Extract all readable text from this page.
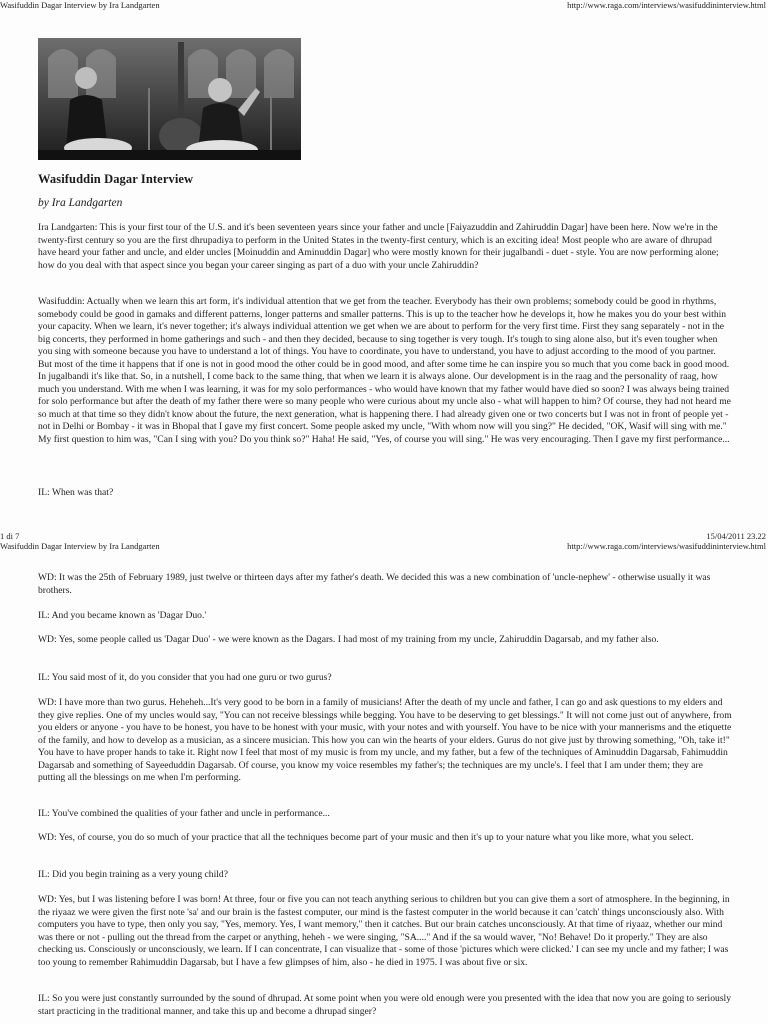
Wasifuddin Dagar Interview by Ira Landgarten	http://www.raga.com/interviews/wasifuddininterview.html
Wasifuddin Dagar Interview

by Ira Landgarten

Ira Landgarten: This is your first tour of the U.S. and it's been seventeen years since your father and uncle [Faiyazuddin and Zahiruddin Dagar] have been here. Now we're in the twenty-first century so you are the first dhrupadiya to perform in the United States in the twenty-first century, which is an exciting idea! Most people who are aware of dhrupad have heard your father and uncle, and elder uncles [Moinuddin and Aminuddin Dagar] who were mostly known for their jugalbandi - duet - style. You are now performing alone; how do you deal with that aspect since you began your career singing as part of a duo with your uncle Zahiruddin?

Wasifuddin: Actually when we learn this art form, it's individual attention that we get from the teacher. Everybody has their own problems; somebody could be good in rhythms, somebody could be good in gamaks and different patterns, longer patterns and smaller patterns. This is up to the teacher how he develops it, how he makes you do your best within your capacity. When we learn, it's never together; it's always individual attention we get when we are about to perform for the very first time. First they sang separately - not in the big concerts, they performed in home gatherings and such - and then they decided, because to sing together is very tough. It's tough to sing alone also, but it's even tougher when you sing with someone because you have to understand a lot of things. You have to coordinate, you have to understand, you have to adjust according to the mood of you partner. But most of the time it happens that if one is not in good mood the other could be in good mood, and after some time he can inspire you so much that you come back in good mood. In jugalbandi it's like that. So, in a nutshell, I come back to the same thing, that when we learn it is always alone. Our development is in the raag and the personality of raag, how much you understand. With me when I was learning, it was for my solo performances - who would have known that my father would have died so soon? I was always being trained for solo performance but after the death of my father there were so many people who were curious about my uncle also - what will happen to him? Of course, they had not heard me so much at that time so they didn't know about the future, the next generation, what is happening there. I had already given one or two concerts but I was not in front of people yet - not in Delhi or Bombay - it was in Bhopal that I gave my first concert. Some people asked my uncle, "With whom now will you sing?" He decided, "OK, Wasif will sing with me." My first question to him was, "Can I sing with you? Do you think so?" Haha! He said, "Yes, of course you will sing." He was very encouraging. Then I gave my first performance...

IL: When was that?

1 di 7	15/04/2011 23.22
Wasifuddin Dagar Interview by Ira Landgarten	http://www.raga.com/interviews/wasifuddininterview.html

WD: It was the 25th of February 1989, just twelve or thirteen days after my father's death. We decided this was a new combination of 'uncle-nephew' - otherwise usually it was brothers.

IL: And you became known as 'Dagar Duo.'

WD: Yes, some people called us 'Dagar Duo' - we were known as the Dagars. I had most of my training from my uncle, Zahiruddin Dagarsab, and my father also.

IL: You said most of it, do you consider that you had one guru or two gurus?

WD: I have more than two gurus. Heheheh...It's very good to be born in a family of musicians! After the death of my uncle and father, I can go and ask questions to my elders and they give replies. One of my uncles would say, "You can not receive blessings while begging. You have to be deserving to get blessings." It will not come just out of anywhere, from you elders or anyone - you have to be honest, you have to be honest with your music, with your notes and with yourself. You have to be nice with your mannerisms and the etiquette of the family, and how to develop as a musician, as a sincere musician. This how you can win the hearts of your elders. Gurus do not give just by throwing something, "Oh, take it!" You have to have proper hands to take it. Right now I feel that most of my music is from my uncle, and my father, but a few of the techniques of Aminuddin Dagarsab, Fahimuddin Dagarsab and something of Sayeeduddin Dagarsab. Of course, you know my voice resembles my father's; the techniques are my uncle's. I feel that I am under them; they are putting all the blessings on me when I'm performing.

IL: You've combined the qualities of your father and uncle in performance...

WD: Yes, of course, you do so much of your practice that all the techniques become part of your music and then it's up to your nature what you like more, what you select.

IL: Did you begin training as a very young child?

WD: Yes, but I was listening before I was born! At three, four or five you can not teach anything serious to children but you can give them a sort of atmosphere. In the beginning, in the riyaaz we were given the first note 'sa' and our brain is the fastest computer, our mind is the fastest computer in the world because it can 'catch' things unconsciously also. With computers you have to type, then only you say, "Yes, memory. Yes, I want memory," then it catches. But our brain catches unconsciously. At that time of riyaaz, whether our mind was there or not - pulling out the thread from the carpet or anything, heheh - we were singing, "SA...." And if the sa would waver, "No! Behave! Do it properly." They are also checking us. Consciously or unconsciously, we learn. If I can concentrate, I can visualize that - some of those 'pictures which were clicked.' I can see my uncle and my father; I was too young to remember Rahimuddin Dagarsab, but I have a few glimpses of him, also - he died in 1975. I was about five or six.

IL: So you were just constantly surrounded by the sound of dhrupad. At some point when you were old enough were you presented with the idea that now you are going to seriously start practicing in the traditional manner, and take this up and become a dhrupad singer?
